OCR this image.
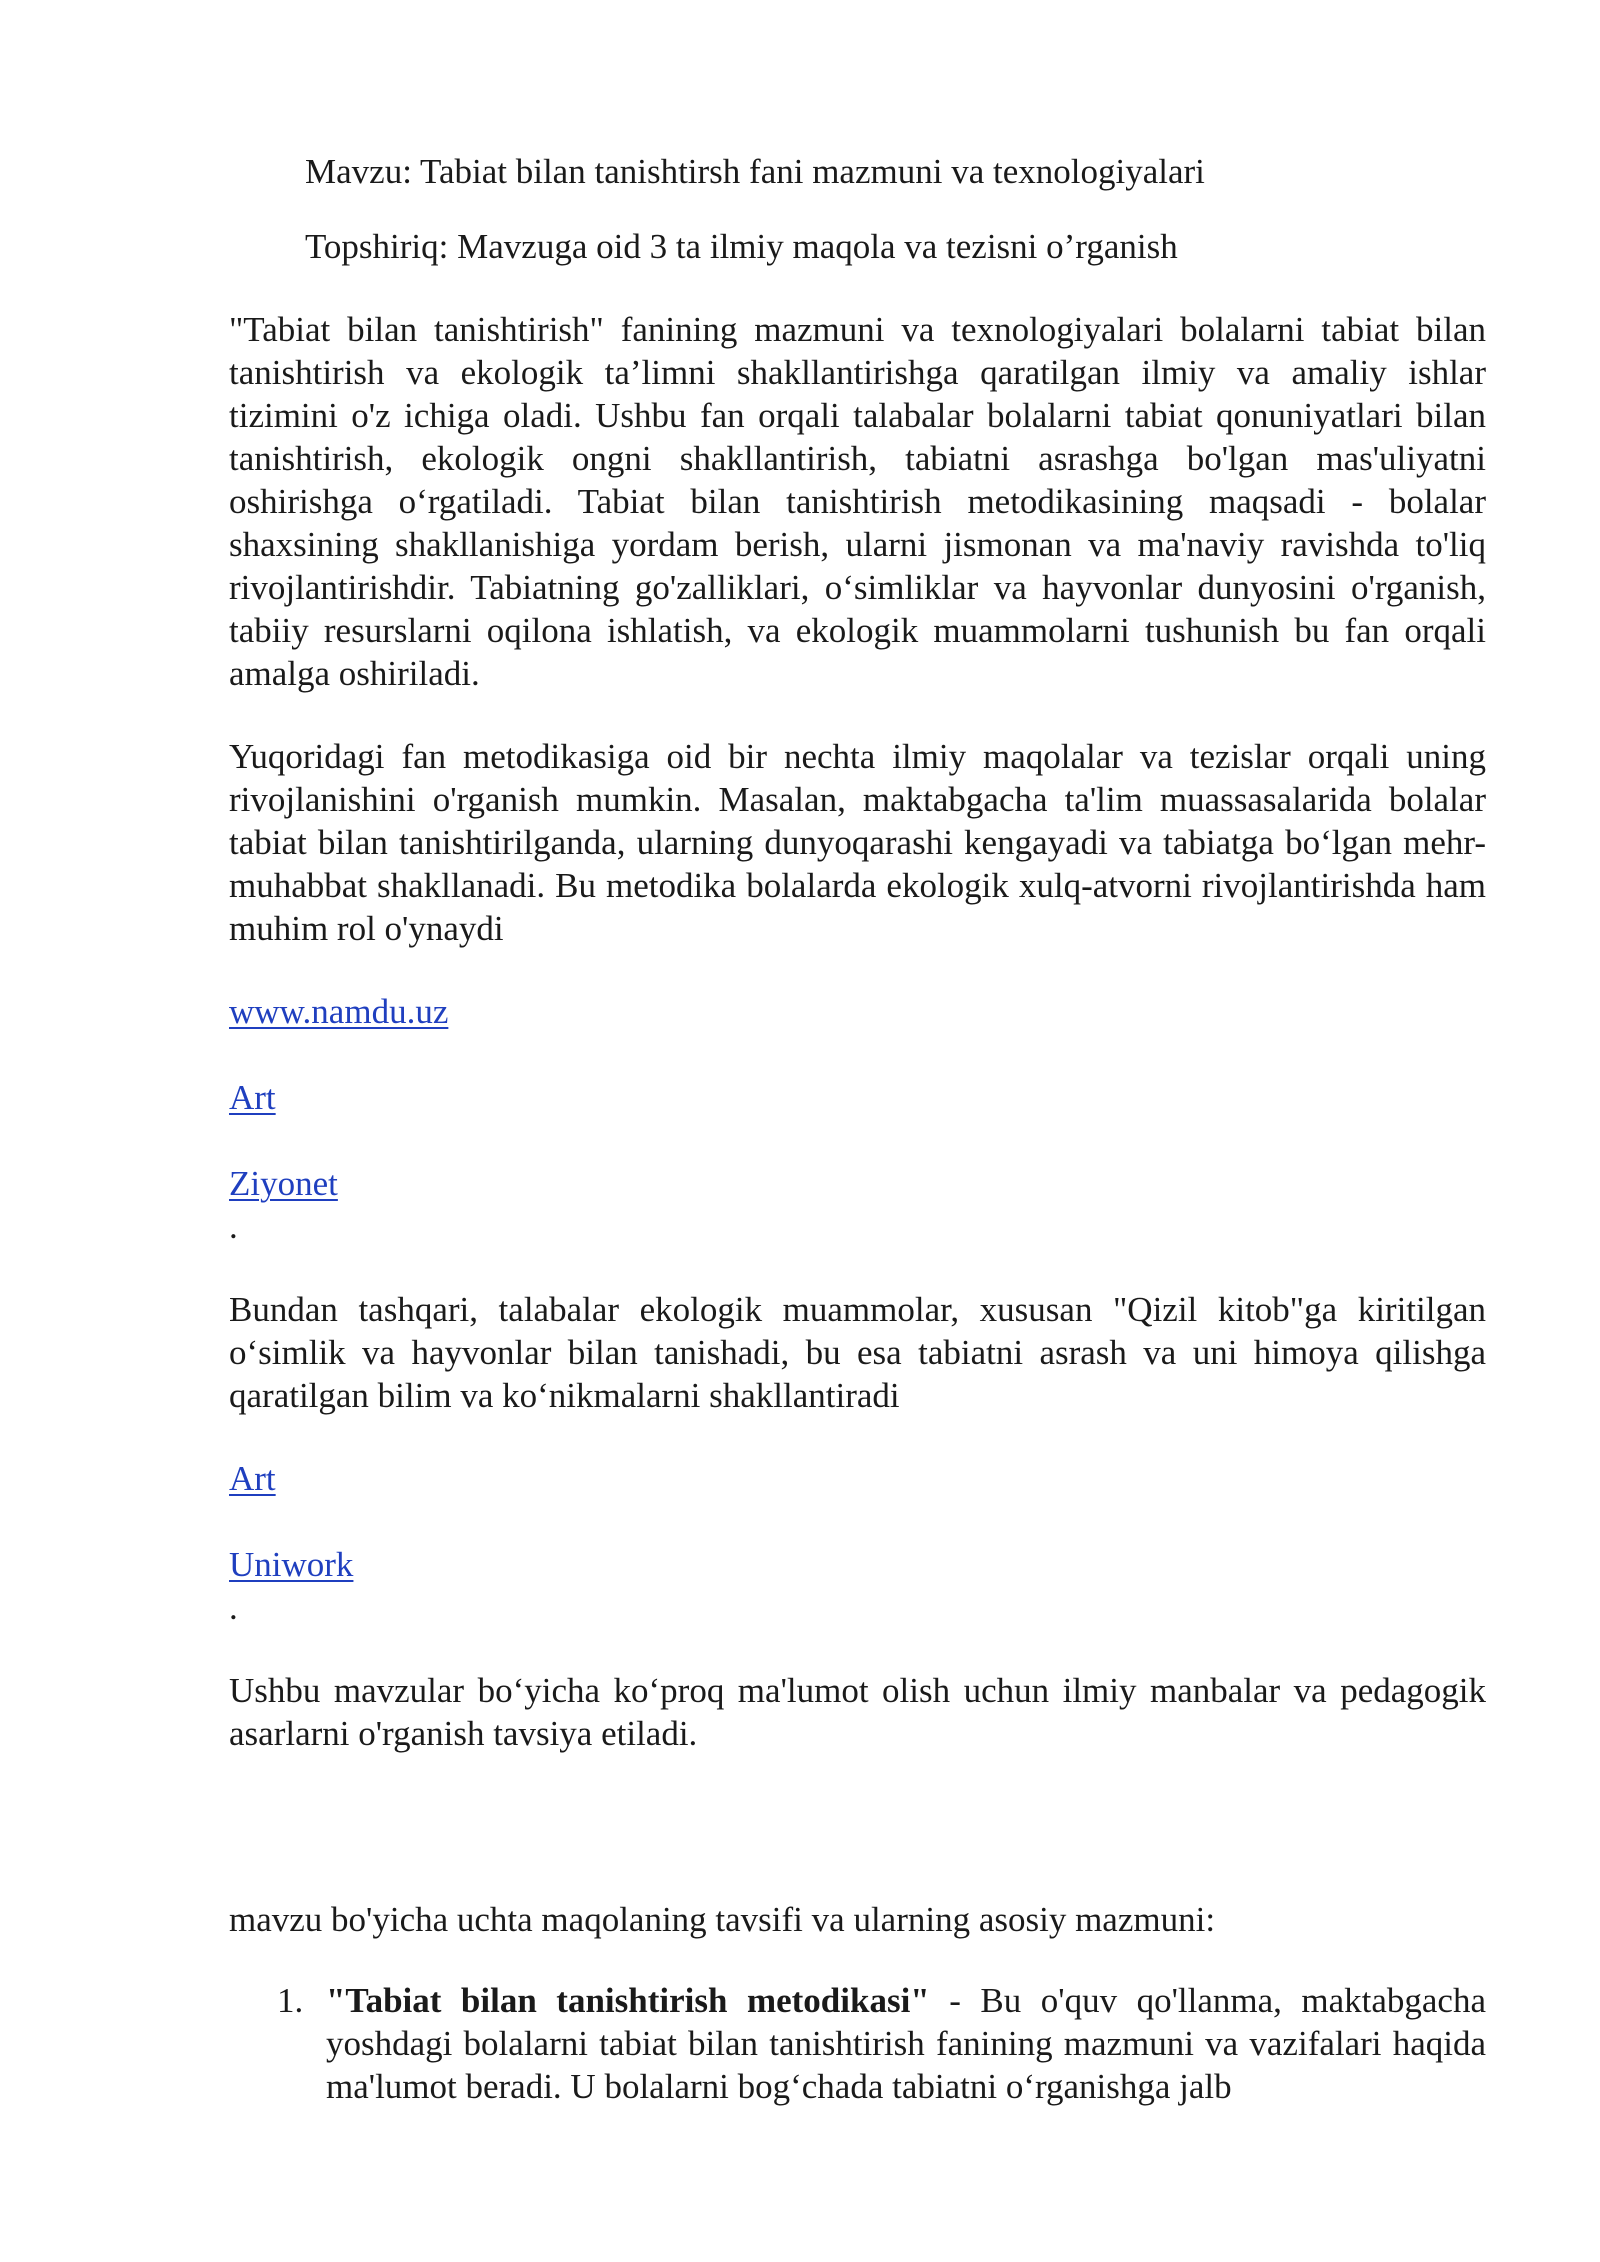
Mavzu: Tabiat bilan tanishtirsh fani mazmuni va texnologiyalari
Topshiriq: Mavzuga oid 3 ta ilmiy maqola va tezisni o’rganish

"Tabiat bilan tanishtirish" fanining mazmuni va texnologiyalari bolalarni tabiat bilan tanishtirish va ekologik ta’limni shakllantirishga qaratilgan ilmiy va amaliy ishlar tizimini o'z ichiga oladi. Ushbu fan orqali talabalar bolalarni tabiat qonuniyatlari bilan tanishtirish, ekologik ongni shakllantirish, tabiatni asrashga bo'lgan mas'uliyatni oshirishga o‘rgatiladi. Tabiat bilan tanishtirish metodikasining maqsadi - bolalar shaxsining shakllanishiga yordam berish, ularni jismonan va ma'naviy ravishda to'liq rivojlantirishdir. Tabiatning go'zalliklari, o‘simliklar va hayvonlar dunyosini o'rganish, tabiiy resurslarni oqilona ishlatish, va ekologik muammolarni tushunish bu fan orqali amalga oshiriladi.

Yuqoridagi fan metodikasiga oid bir nechta ilmiy maqolalar va tezislar orqali uning rivojlanishini o'rganish mumkin. Masalan, maktabgacha ta'lim muassasalarida bolalar tabiat bilan tanishtirilganda, ularning dunyoqarashi kengayadi va tabiatga bo‘lgan mehr-muhabbat shakllanadi. Bu metodika bolalarda ekologik xulq-atvorni rivojlantirishda ham muhim rol o'ynaydi

www.namdu.uz
Art
Ziyonet
.

Bundan tashqari, talabalar ekologik muammolar, xususan "Qizil kitob"ga kiritilgan o‘simlik va hayvonlar bilan tanishadi, bu esa tabiatni asrash va uni himoya qilishga qaratilgan bilim va ko‘nikmalarni shakllantiradi

Art
Uniwork
.

Ushbu mavzular bo‘yicha ko‘proq ma'lumot olish uchun ilmiy manbalar va pedagogik asarlarni o'rganish tavsiya etiladi.

mavzu bo'yicha uchta maqolaning tavsifi va ularning asosiy mazmuni:

1. "Tabiat bilan tanishtirish metodikasi" - Bu o'quv qo'llanma, maktabgacha yoshdagi bolalarni tabiat bilan tanishtirish fanining mazmuni va vazifalari haqida ma'lumot beradi. U bolalarni bog‘chada tabiatni o‘rganishga jalb
